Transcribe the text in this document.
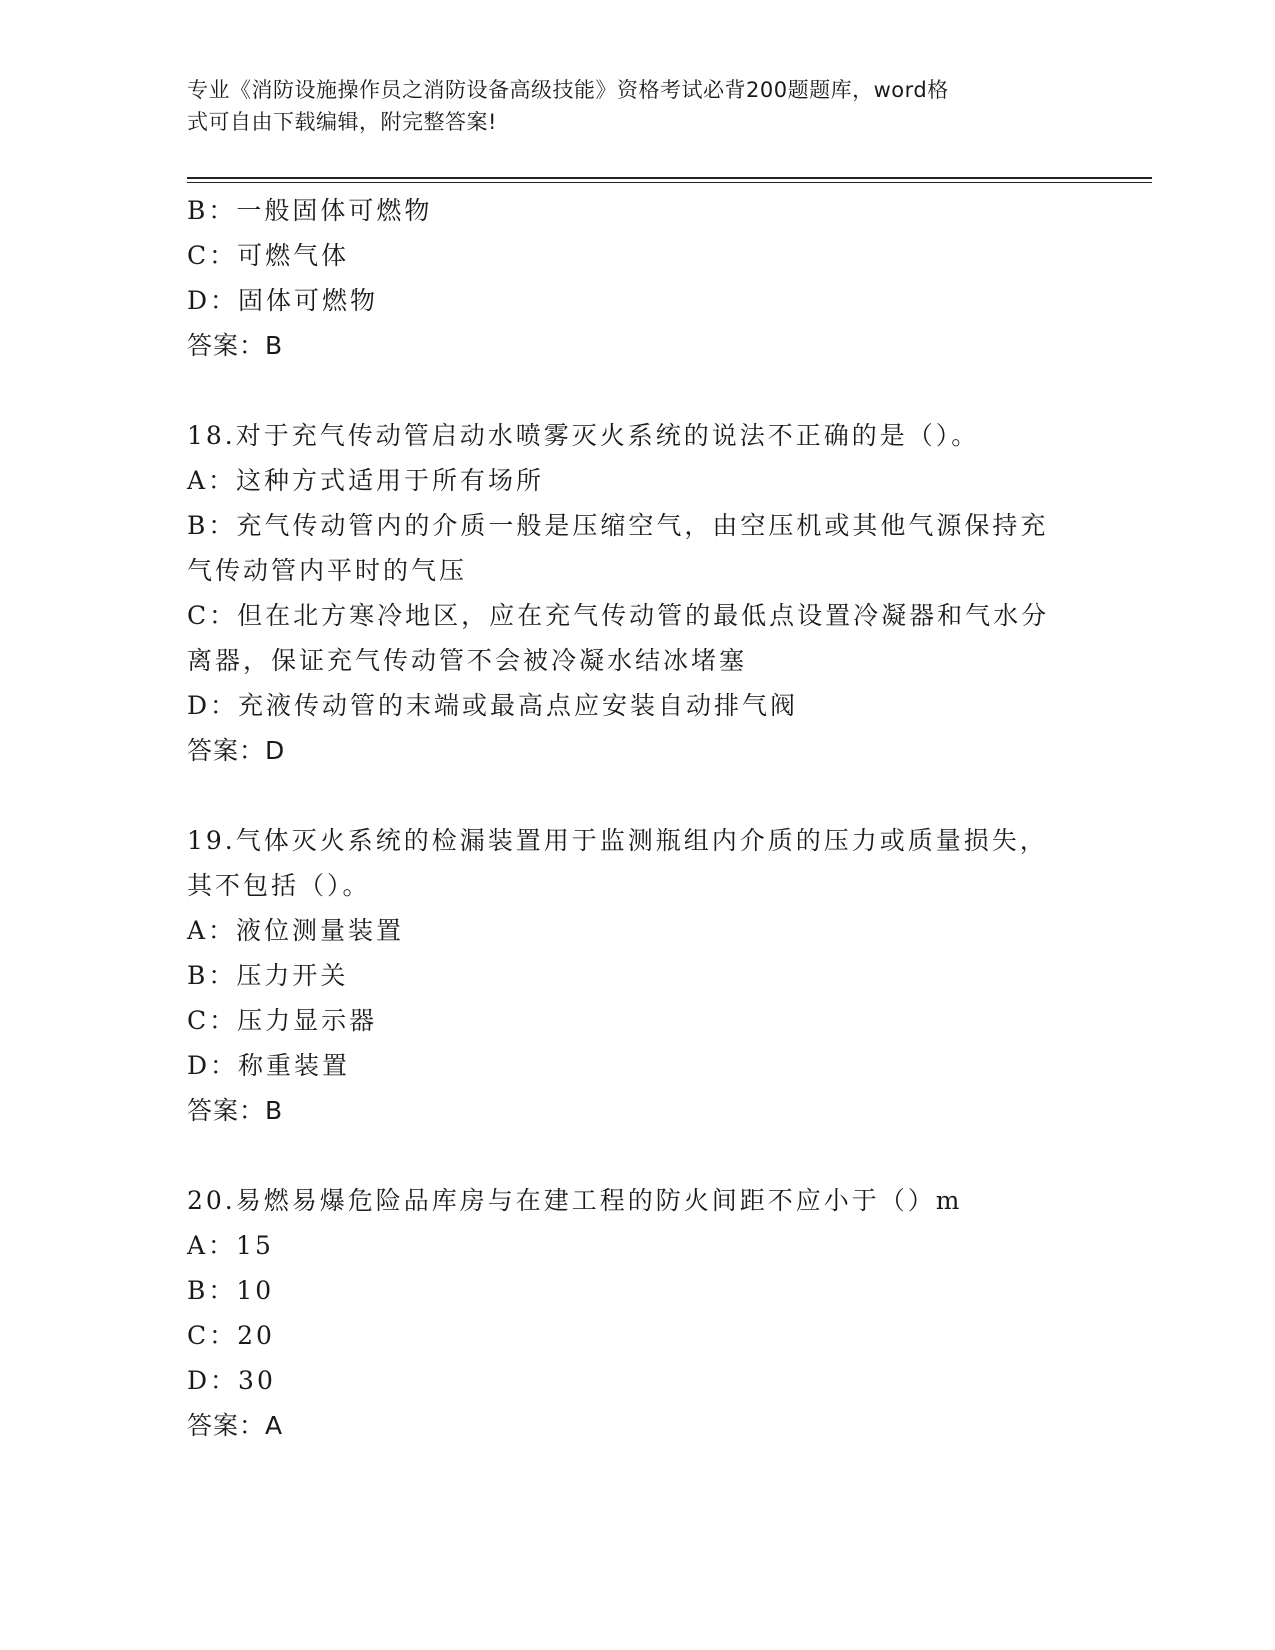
专业《消防设施操作员之消防设备高级技能》资格考试必背200题题库，word格
式可自由下载编辑，附完整答案!
B：一般固体可燃物
C：可燃气体
D：固体可燃物
答案：B
18.对于充气传动管启动水喷雾灭火系统的说法不正确的是（）。
A：这种方式适用于所有场所
B：充气传动管内的介质一般是压缩空气，由空压机或其他气源保持充
气传动管内平时的气压
C：但在北方寒冷地区，应在充气传动管的最低点设置冷凝器和气水分
离器，保证充气传动管不会被冷凝水结冰堵塞
D：充液传动管的末端或最高点应安装自动排气阀
答案：D
19.气体灭火系统的检漏装置用于监测瓶组内介质的压力或质量损失，
其不包括（）。
A：液位测量装置
B：压力开关
C：压力显示器
D：称重装置
答案：B
20.易燃易爆危险品库房与在建工程的防火间距不应小于（）m
A：15
B：10
C：20
D：30
答案：A
